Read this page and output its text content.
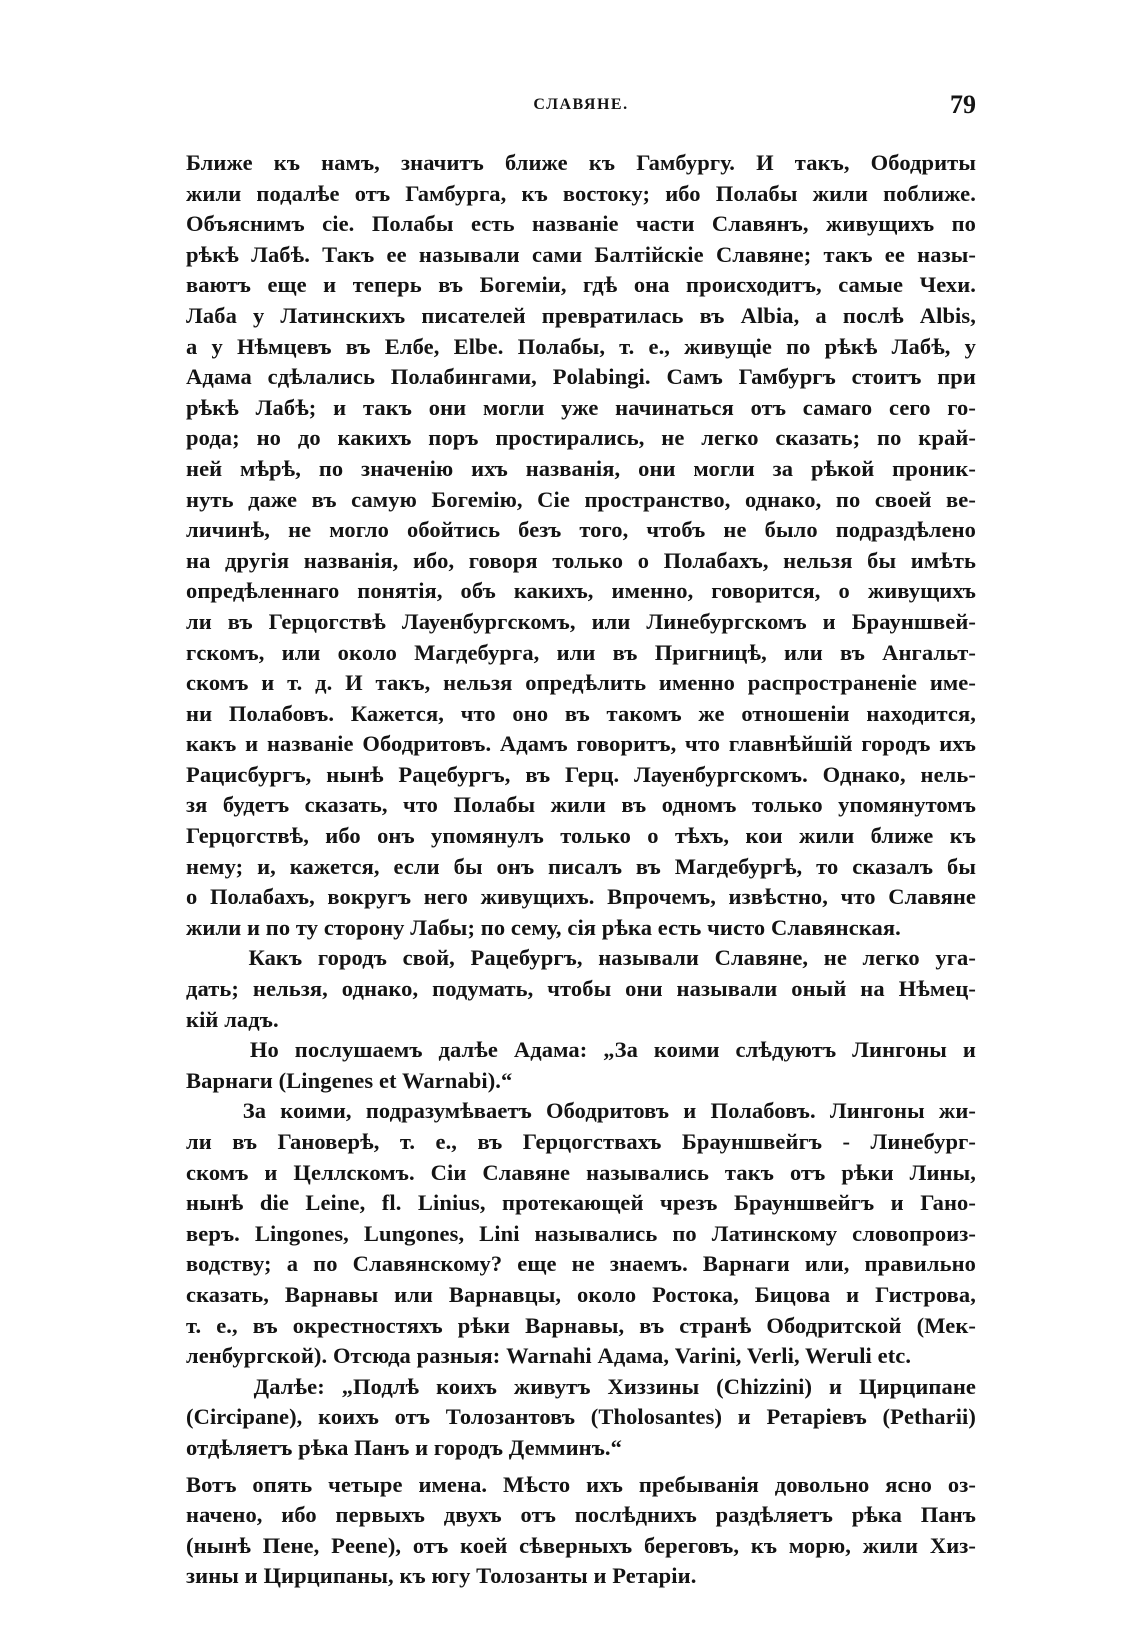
СЛАВЯНЕ.	79
Ближе къ намъ, значитъ ближе къ Гамбургу. И такъ, Ободриты
жили подалѣе отъ Гамбурга, къ востоку; ибо Полабы жили поближе.
Объяснимъ сіе. Полабы есть названіе части Славянъ, живущихъ по
рѣкѣ Лабѣ. Такъ ее называли сами Балтійскіе Славяне; такъ ее назы-
ваютъ еще и теперь въ Богеміи, гдѣ она происходитъ, самые Чехи.
Лаба у Латинскихъ писателей превратилась въ Albia, а послѣ Albis,
а у Нѣмцевъ въ Елбе, Elbe. Полабы, т. е., живущіе по рѣкѣ Лабѣ, у
Адама сдѣлались Полабингами, Polabingi. Самъ Гамбургъ стоитъ при
рѣкѣ Лабѣ; и такъ они могли уже начинаться отъ самаго сего го-
рода; но до какихъ поръ простирались, не легко сказать; по край-
ней мѣрѣ, по значенію ихъ названія, они могли за рѣкой проник-
нуть даже въ самую Богемію, Сіе пространство, однако, по своей ве-
личинѣ, не могло обойтись безъ того, чтобъ не было подраздѣлено
на другія названія, ибо, говоря только о Полабахъ, нельзя бы имѣть
опредѣленнаго понятія, объ какихъ, именно, говорится, о живущихъ
ли въ Герцогствѣ Лауенбургскомъ, или Линебургскомъ и Брауншвей-
гскомъ, или около Магдебурга, или въ Пригницѣ, или въ Ангальт-
скомъ и т. д. И такъ, нельзя опредѣлить именно распространеніе име-
ни Полабовъ. Кажется, что оно въ такомъ же отношеніи находится,
какъ и названіе Ободритовъ. Адамъ говоритъ, что главнѣйшій городъ ихъ
Рацисбургъ, нынѣ Рацебургъ, въ Герц. Лауенбургскомъ. Однако, нель-
зя будетъ сказать, что Полабы жили въ одномъ только упомянутомъ
Герцогствѣ, ибо онъ упомянулъ только о тѣхъ, кои жили ближе къ
нему; и, кажется, если бы онъ писалъ въ Магдебургѣ, то сказалъ бы
о Полабахъ, вокругъ него живущихъ. Впрочемъ, извѣстно, что Славяне
жили и по ту сторону Лабы; по сему, сія рѣка есть чисто Славянская.
Какъ городъ свой, Рацебургъ, называли Славяне, не легко уга-
дать; нельзя, однако, подумать, чтобы они называли оный на Нѣмец-
кій ладъ.
Но послушаемъ далѣе Адама: „За коими слѣдуютъ Лингоны и
Варнаги (Lingenes et Warnabi).“
За коими, подразумѣваетъ Ободритовъ и Полабовъ. Лингоны жи-
ли въ Гановерѣ, т. е., въ Герцогствахъ Брауншвейгъ - Линебург-
скомъ и Целлскомъ. Сіи Славяне назывались такъ отъ рѣки Лины,
нынѣ die Leine, fl. Linius, протекающей чрезъ Брауншвейгъ и Гано-
веръ. Lingones, Lungones, Lini назывались по Латинскому словопроиз-
водству; а по Славянскому? еще не знаемъ. Варнаги или, правильно
сказать, Варнавы или Варнавцы, около Ростока, Бицова и Гистрова,
т. е., въ окрестностяхъ рѣки Варнавы, въ странѣ Ободритской (Мек-
ленбургской). Отсюда разныя: Warnahi Адама, Varini, Verli, Werulі etc.
Далѣе: „Подлѣ коихъ живутъ Хиззины (Chizzini) и Цирципане
(Circipane), коихъ отъ Толозантовъ (Tholosantes) и Ретаріевъ (Petharii)
отдѣляетъ рѣка Панъ и городъ Демминъ.“
Вотъ опять четыре имена. Мѣсто ихъ пребыванія довольно ясно оз-
начено, ибо первыхъ двухъ отъ послѣднихъ раздѣляетъ рѣка Панъ
(нынѣ Пене, Peene), отъ коей сѣверныхъ береговъ, къ морю, жили Хиз-
зины и Цирципаны, къ югу Толозанты и Ретаріи.
